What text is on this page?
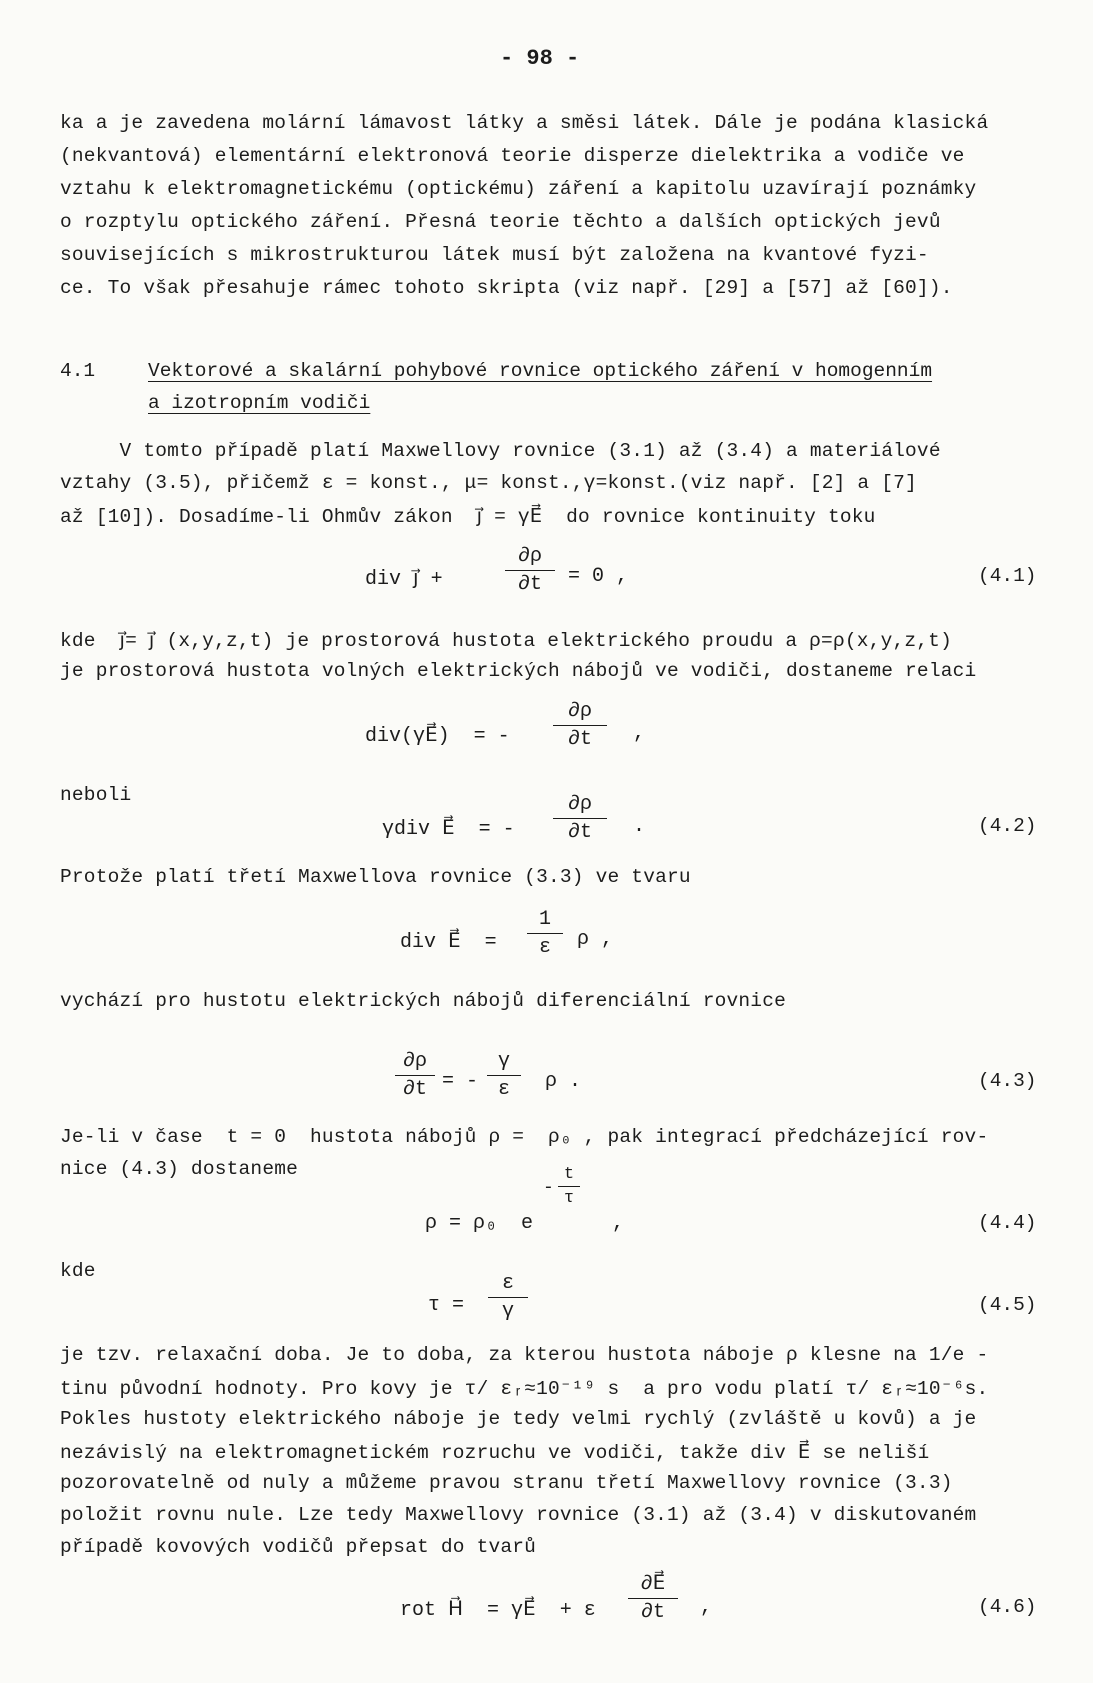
- 98 -
ka a je zavedena molární lámavost látky a směsi látek. Dále je podána klasická
(nekvantová) elementární elektronová teorie disperze dielektrika a vodiče ve
vztahu k elektromagnetickému (optickému) záření a kapitolu uzavírají poznámky
o rozptylu optického záření. Přesná teorie těchto a dalších optických jevů
souvisejících s mikrostrukturou látek musí být založena na kvantové fyzi-
ce. To však přesahuje rámec tohoto skripta (viz např. [29] a [57] až [60]).
4.1	Vektorové a skalární pohybové rovnice optického záření v homogenním
a izotropním vodiči
V tomto případě platí Maxwellovy rovnice (3.1) až (3.4) a materiálové
vztahy (3.5), přičemž ε = konst., μ= konst.,γ=konst.(viz např. [2] a [7]
až [10]). Dosadíme-li Ohmův zákon  j⃗ = γE⃗  do rovnice kontinuity toku
div j⃗ +
∂ρ
∂t	= 0 ,	(4.1)
kde  j⃗= j⃗ (x,y,z,t) je prostorová hustota elektrického proudu a ρ=ρ(x,y,z,t)
je prostorová hustota volných elektrických nábojů ve vodiči, dostaneme relaci
div(γE⃗)  = -
∂ρ
∂t	,
neboli
γdiv E⃗  = -
∂ρ
∂t	.	(4.2)
Protože platí třetí Maxwellova rovnice (3.3) ve tvaru
div E⃗  =
1
ε	ρ ,
vychází pro hustotu elektrických nábojů diferenciální rovnice
∂ρ
∂t = -
γ
ε	ρ .	(4.3)
Je-li v čase  t = 0  hustota nábojů ρ =  ρ₀ , pak integrací předcházející rov-
nice (4.3) dostaneme
ρ = ρ₀  e
-
t
τ
,	(4.4)
kde
τ =
ε
γ	(4.5)
je tzv. relaxační doba. Je to doba, za kterou hustota náboje ρ klesne na 1/e -
tinu původní hodnoty. Pro kovy je τ/ εᵣ≈10⁻¹⁹ s  a pro vodu platí τ/ εᵣ≈10⁻⁶s.
Pokles hustoty elektrického náboje je tedy velmi rychlý (zvláště u kovů) a je
nezávislý na elektromagnetickém rozruchu ve vodiči, takže div E⃗ se neliší
pozorovatelně od nuly a můžeme pravou stranu třetí Maxwellovy rovnice (3.3)
položit rovnu nule. Lze tedy Maxwellovy rovnice (3.1) až (3.4) v diskutovaném
případě kovových vodičů přepsat do tvarů
rot H⃗  = γE⃗  + ε
∂E⃗
∂t	,	(4.6)
